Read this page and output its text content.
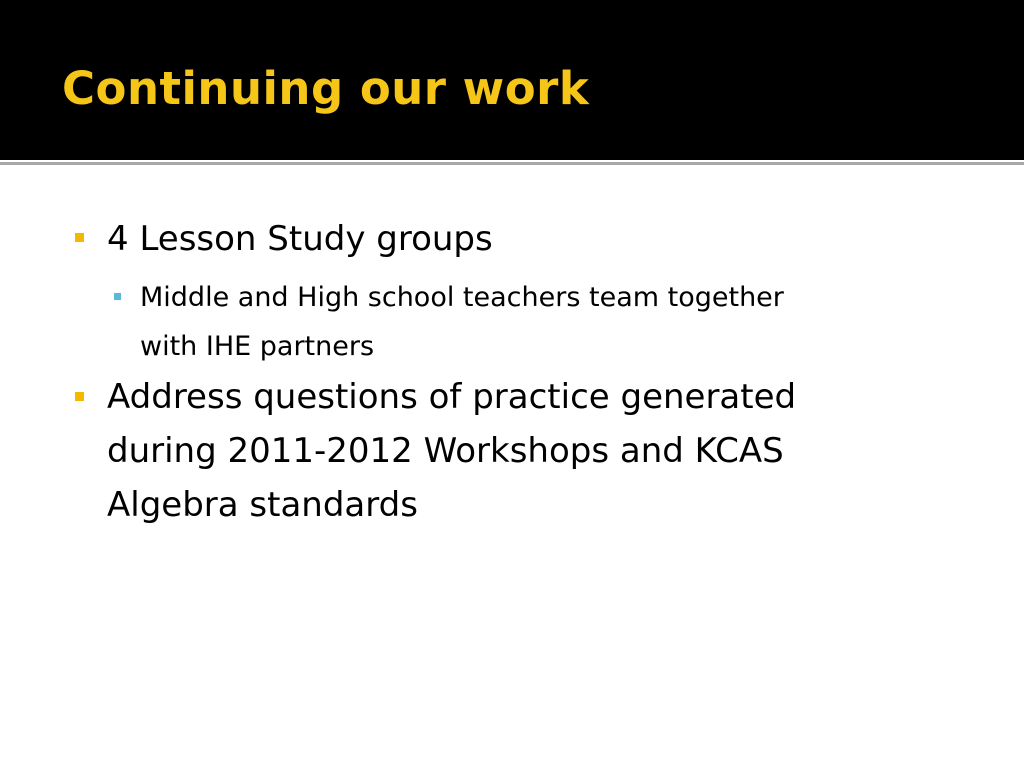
Continuing our work
4 Lesson Study groups
Middle and High school teachers team together
with IHE partners
Address questions of practice generated
during 2011-2012 Workshops and KCAS
Algebra standards
